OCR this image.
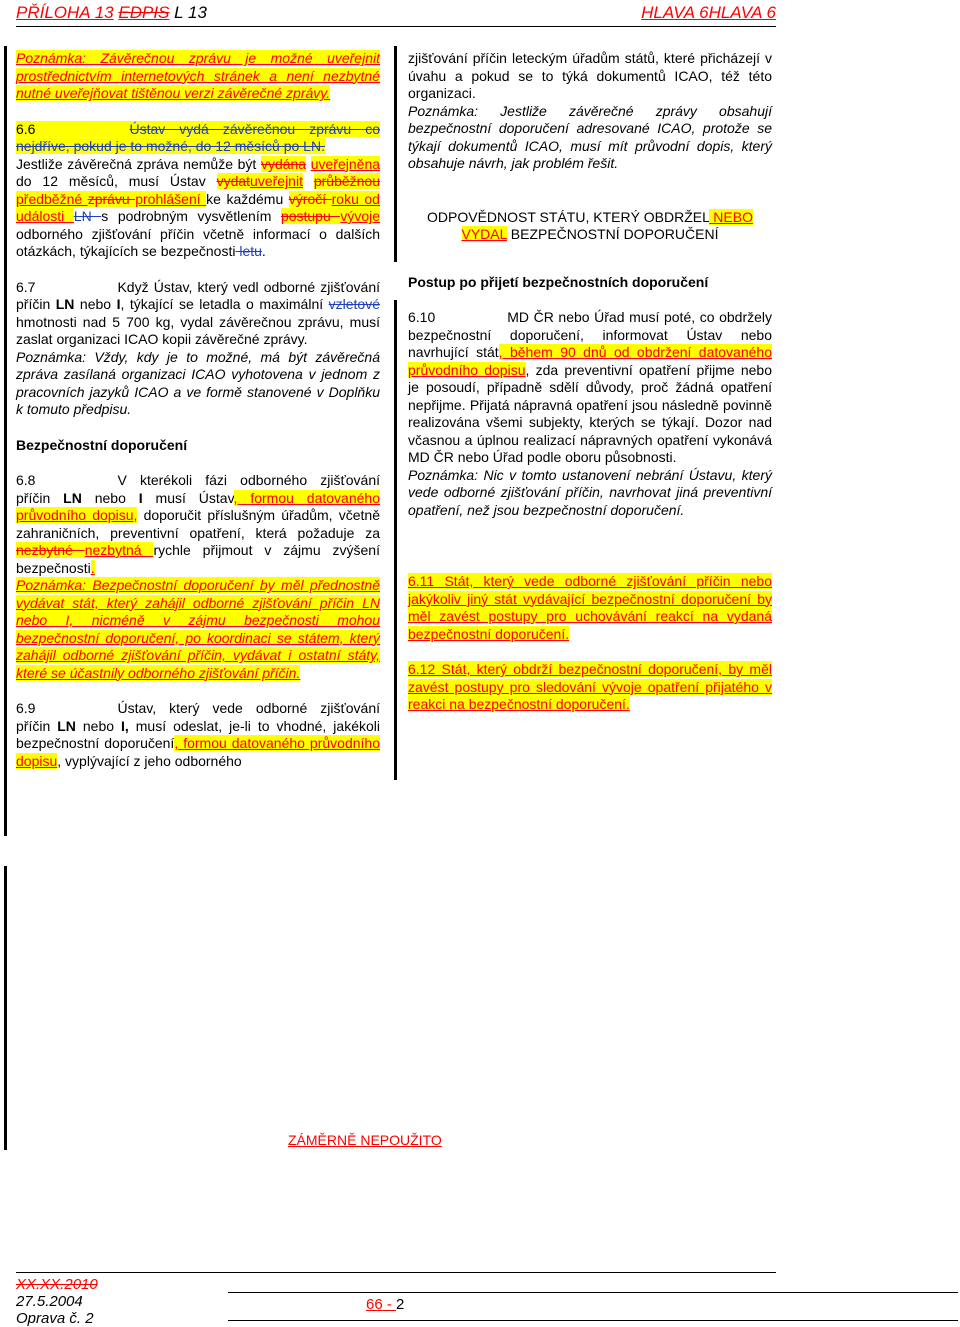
PŘÍLOHA 13 EDPIS L 13	HLAVA 6HLAVA 6

Poznámka: Závěrečnou zprávu je možné uveřejnit prostřednictvím internetových stránek a není nezbytné nutné uveřejňovat tištěnou verzi závěrečné zprávy.

6.6	Ústav vydá závěrečnou zprávu co nejdříve, pokud je to možné, do 12 měsíců po LN.
Jestliže závěrečná zpráva nemůže být vydána uveřejněna do 12 měsíců, musí Ústav vydatuveřejnit průběžnou předběžné zprávu prohlášení ke každému výročí roku od události LN s podrobným vysvětlením postupu vývoje odborného zjišťování příčin včetně informací o dalších otázkách, týkajících se bezpečnosti letu.

6.7	Když Ústav, který vedl odborné zjišťování příčin LN nebo I, týkající se letadla o maximální vzletové hmotnosti nad 5 700 kg, vydal závěrečnou zprávu, musí zaslat organizaci ICAO kopii závěrečné zprávy.

Poznámka: Vždy, kdy je to možné, má být závěrečná zpráva zasílaná organizaci ICAO vyhotovena v jednom z pracovních jazyků ICAO a ve formě stanovené v Doplňku k tomuto předpisu.

Bezpečnostní doporučení

6.8	V kterékoli fázi odborného zjišťování příčin LN nebo I musí Ústav, formou datovaného průvodního dopisu, doporučit příslušným úřadům, včetně zahraničních, preventivní opatření, která požaduje za nezbytné nezbytná rychle přijmout v zájmu zvýšení bezpečnosti.

Poznámka: Bezpečnostní doporučení by měl přednostně vydávat stát, který zahájil odborné zjišťování příčin LN nebo I, nicméně v zájmu bezpečnosti mohou bezpečnostní doporučení, po koordinaci se státem, který zahájil odborné zjišťování příčin, vydávat i ostatní státy, které se účastnily odborného zjišťování příčin.

6.9	Ústav, který vede odborné zjišťování příčin LN nebo I, musí odeslat, je-li to vhodné, jakékoli bezpečnostní doporučení, formou datovaného průvodního dopisu, vyplývající z jeho odborného

zjišťování příčin leteckým úřadům států, které přicházejí v úvahu a pokud se to týká dokumentů ICAO, též této organizaci.

Poznámka: Jestliže závěrečné zprávy obsahují bezpečnostní doporučení adresované ICAO, protože se týkají dokumentů ICAO, musí mít průvodní dopis, který obsahuje návrh, jak problém řešit.

ODPOVĚDNOST STÁTU, KTERÝ OBDRŽEL NEBO VYDAL BEZPEČNOSTNÍ DOPORUČENÍ

Postup po přijetí bezpečnostních doporučení

6.10	MD ČR nebo Úřad musí poté, co obdržely bezpečnostní doporučení, informovat Ústav nebo navrhující stát, během 90 dnů od obdržení datovaného průvodního dopisu, zda preventivní opatření přijme nebo je posoudí, případně sdělí důvody, proč žádná opatření nepřijme. Přijatá nápravná opatření jsou následně povinně realizována všemi subjekty, kterých se týkají. Dozor nad včasnou a úplnou realizací nápravných opatření vykonává MD ČR nebo Úřad podle oboru působnosti.

Poznámka: Nic v tomto ustanovení nebrání Ústavu, který vede odborné zjišťování příčin, navrhovat jiná preventivní opatření, než jsou bezpečnostní doporučení.

6.11 Stát, který vede odborné zjišťování příčin nebo jakýkoliv jiný stát vydávající bezpečnostní doporučení by měl zavést postupy pro uchovávání reakcí na vydaná bezpečnostní doporučení.

6.12 Stát, který obdrží bezpečnostní doporučení, by měl zavést postupy pro sledování vývoje opatření přijatého v reakci na bezpečnostní doporučení.

ZÁMĚRNĚ NEPOUŽITO
XX.XX.2010
27.5.2004
Oprava č. 2
66 - 2
